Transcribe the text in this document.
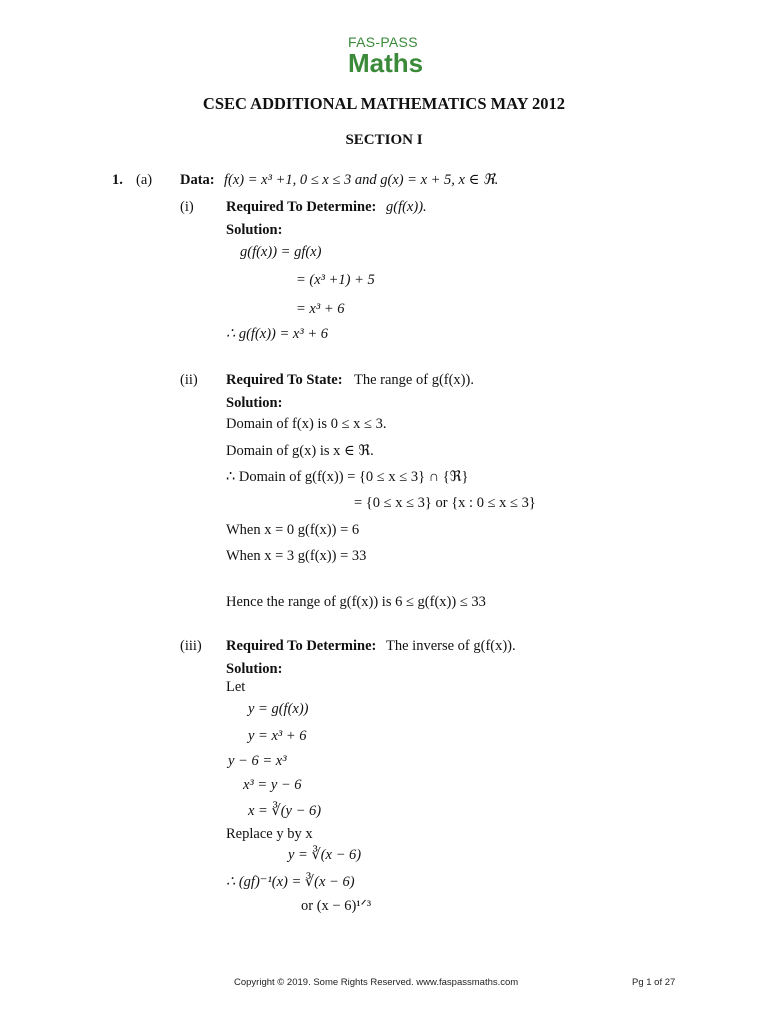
FAS-PASS
Maths
CSEC ADDITIONAL MATHEMATICS MAY 2012
SECTION I
1. (a) Data: f(x) = x³ +1, 0 ≤ x ≤ 3 and g(x) = x + 5, x ∈ ℜ.
(i) Required To Determine: g(f(x)).
Solution:
g(f(x)) = gf(x)
= (x³ +1) + 5
= x³ + 6
∴ g(f(x)) = x³ + 6
(ii) Required To State: The range of g(f(x)).
Solution:
Domain of f(x) is 0 ≤ x ≤ 3.
Domain of g(x) is x ∈ ℜ.
∴ Domain of g(f(x)) = {0 ≤ x ≤ 3} ∩ {ℜ}
= {0 ≤ x ≤ 3} or {x : 0 ≤ x ≤ 3}
When x = 0 g(f(x)) = 6
When x = 3 g(f(x)) = 33
Hence the range of g(f(x)) is 6 ≤ g(f(x)) ≤ 33
(iii) Required To Determine: The inverse of g(f(x)).
Solution:
Let
y = g(f(x))
y = x³ + 6
y − 6 = x³
x³ = y − 6
x = ∛(y − 6)
Replace y by x
y = ∛(x − 6)
∴ (gf)⁻¹(x) = ∛(x − 6)
or (x − 6)¹ᐟ³
Copyright © 2019. Some Rights Reserved. www.faspassmaths.com	Pg 1 of 27
